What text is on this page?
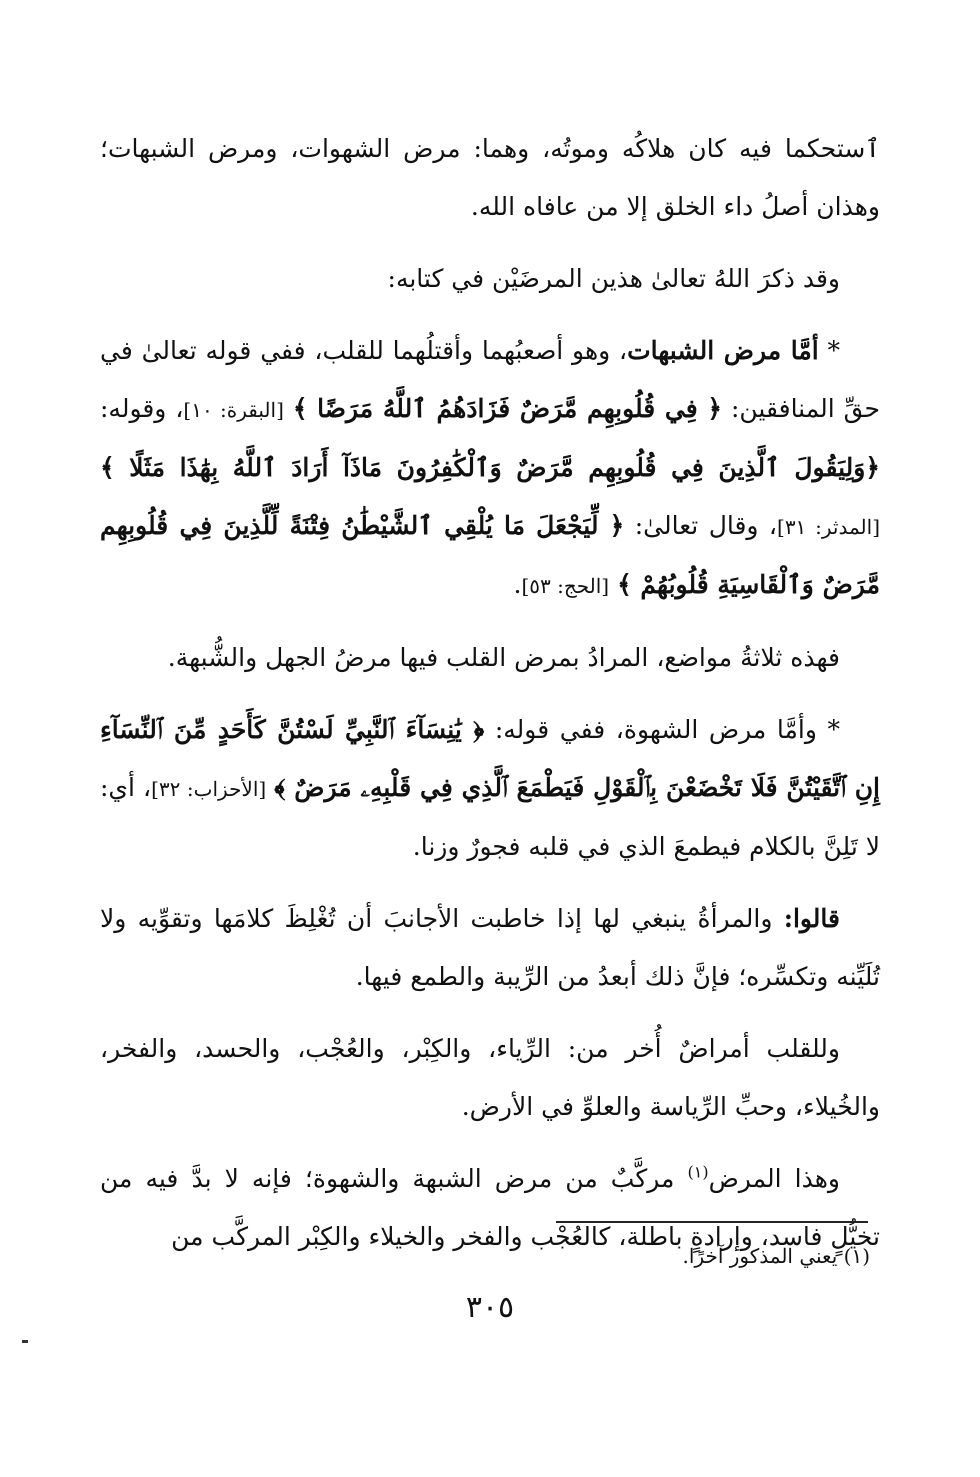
ٱستحكما فيه كان هلاكُه وموتُه، وهما: مرض الشهوات، ومرض الشبهات؛ وهذان أصلُ داء الخلق إلا من عافاه الله.

وقد ذكرَ اللهُ تعالىٰ هذين المرضَيْن في كتابه:

* أمَّا مرض الشبهات، وهو أصعبُهما وأقتلُهما للقلب، ففي قوله تعالىٰ في حقِّ المنافقين: ﴿ فِي قُلُوبِهِم مَّرَضٌ فَزَادَهُمُ ٱللَّهُ مَرَضًا ﴾ [البقرة: ١٠]، وقوله: ﴿وَلِيَقُولَ ٱلَّذِينَ فِي قُلُوبِهِم مَّرَضٌ وَٱلْكَٰفِرُونَ مَاذَآ أَرَادَ ٱللَّهُ بِهَٰذَا مَثَلًا ﴾ [المدثر: ٣١]، وقال تعالىٰ: ﴿ لِّيَجْعَلَ مَا يُلْقِي ٱلشَّيْطَٰنُ فِتْنَةً لِّلَّذِينَ فِي قُلُوبِهِم مَّرَضٌ وَٱلْقَاسِيَةِ قُلُوبُهُمْ ﴾ [الحج: ٥٣].

فهذه ثلاثةُ مواضع، المرادُ بمرض القلب فيها مرضُ الجهل والشُّبهة.

* وأمَّا مرض الشهوة، ففي قوله: ﴿ يَٰنِسَآءَ ٱلنَّبِيِّ لَسْتُنَّ كَأَحَدٍ مِّنَ ٱلنِّسَآءِ إِنِ ٱتَّقَيْتُنَّ فَلَا تَخْضَعْنَ بِٱلْقَوْلِ فَيَطْمَعَ ٱلَّذِي فِي قَلْبِهِۦ مَرَضٌ ﴾ [الأحزاب: ٣٢]، أي: لا تَلِنَّ بالكلام فيطمعَ الذي في قلبه فجورٌ وزنا.

قالوا: والمرأةُ ينبغي لها إذا خاطبت الأجانبَ أن تُغْلِظَ كلامَها وتقوِّيه ولا تُلَيِّنه وتكسِّره؛ فإنَّ ذلك أبعدُ من الرِّيبة والطمع فيها.

وللقلب أمراضٌ أُخر من: الرِّياء، والكِبْر، والعُجْب، والحسد، والفخر، والخُيلاء، وحبِّ الرِّياسة والعلوِّ في الأرض.

وهذا المرض$^{(١)}$ مركَّبٌ من مرض الشبهة والشهوة؛ فإنه لا بدَّ فيه من تخيُّلٍ فاسد، وإرادةٍ باطلة، كالعُجْب والفخر والخيلاء والكِبْر المركَّب من

(١) يعني المذكور آخرًا.
٣٠٥
